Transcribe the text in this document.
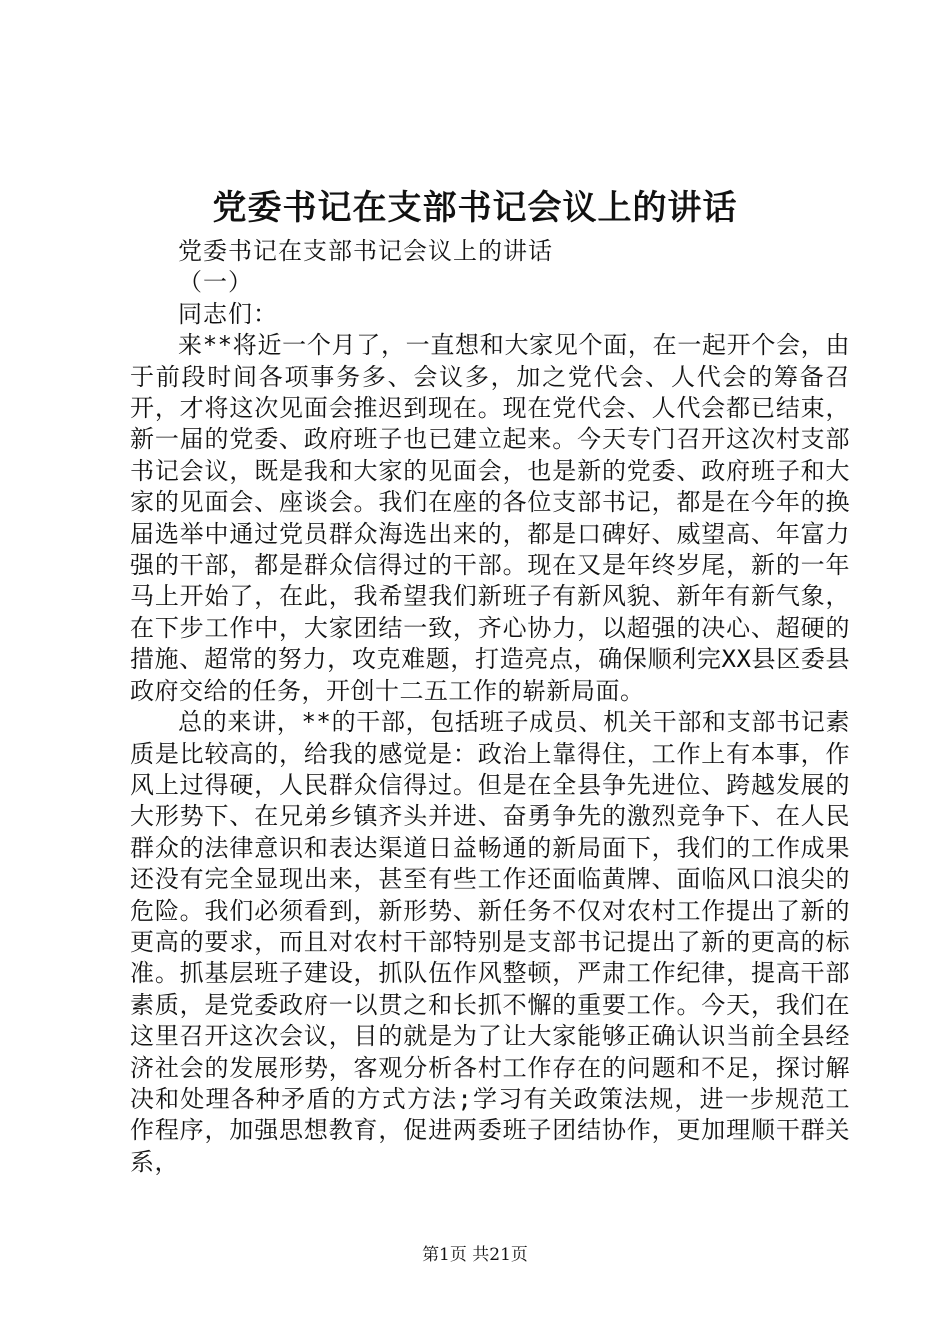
党委书记在支部书记会议上的讲话

党委书记在支部书记会议上的讲话

（一）

同志们：

来**将近一个月了，一直想和大家见个面，在一起开个会，由于前段时间各项事务多、会议多，加之党代会、人代会的筹备召开，才将这次见面会推迟到现在。现在党代会、人代会都已结束，新一届的党委、政府班子也已建立起来。今天专门召开这次村支部书记会议，既是我和大家的见面会，也是新的党委、政府班子和大家的见面会、座谈会。我们在座的各位支部书记，都是在今年的换届选举中通过党员群众海选出来的，都是口碑好、威望高、年富力强的干部，都是群众信得过的干部。现在又是年终岁尾，新的一年马上开始了，在此，我希望我们新班子有新风貌、新年有新气象，在下步工作中，大家团结一致，齐心协力，以超强的决心、超硬的措施、超常的努力，攻克难题，打造亮点，确保顺利完XX县区委县政府交给的任务，开创十二五工作的崭新局面。

总的来讲，**的干部，包括班子成员、机关干部和支部书记素质是比较高的，给我的感觉是：政治上靠得住，工作上有本事，作风上过得硬，人民群众信得过。但是在全县争先进位、跨越发展的大形势下、在兄弟乡镇齐头并进、奋勇争先的激烈竞争下、在人民群众的法律意识和表达渠道日益畅通的新局面下，我们的工作成果还没有完全显现出来，甚至有些工作还面临黄牌、面临风口浪尖的危险。我们必须看到，新形势、新任务不仅对农村工作提出了新的更高的要求，而且对农村干部特别是支部书记提出了新的更高的标准。抓基层班子建设，抓队伍作风整顿，严肃工作纪律，提高干部素质，是党委政府一以贯之和长抓不懈的重要工作。今天，我们在这里召开这次会议，目的就是为了让大家能够正确认识当前全县经济社会的发展形势，客观分析各村工作存在的问题和不足，探讨解决和处理各种矛盾的方式方法;学习有关政策法规，进一步规范工作程序，加强思想教育，促进两委班子团结协作，更加理顺干群关系，

第1页 共21页
